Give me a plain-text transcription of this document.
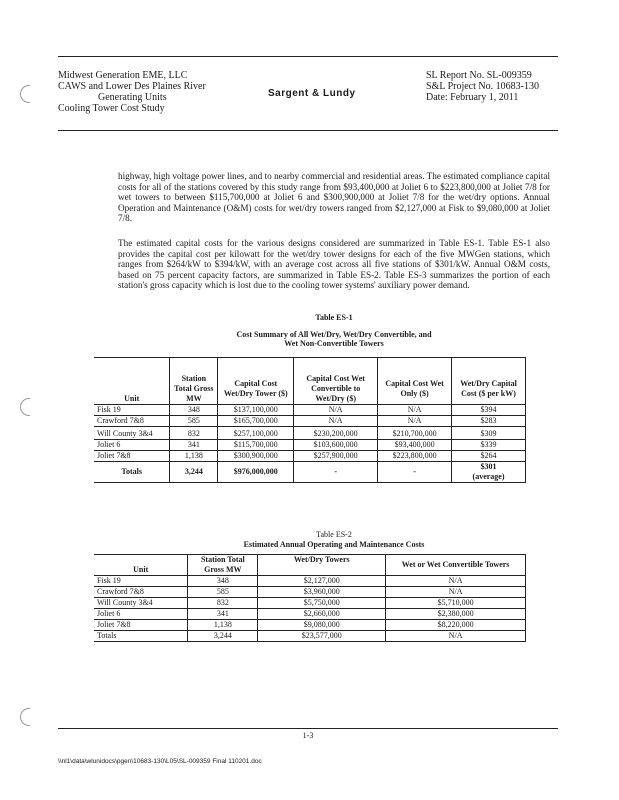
Midwest Generation EME, LLC
CAWS and Lower Des Plaines River
Generating Units
Cooling Tower Cost Study
Sargent & Lundy
SL Report No. SL-009359
S&L Project No. 10683-130
Date: February 1, 2011
highway, high voltage power lines, and to nearby commercial and residential areas. The estimated compliance capital costs for all of the stations covered by this study range from $93,400,000 at Joliet 6 to $223,800,000 at Joliet 7/8 for wet towers to between $115,700,000 at Joliet 6 and $300,900,000 at Joliet 7/8 for the wet/dry options. Annual Operation and Maintenance (O&M) costs for wet/dry towers ranged from $2,127,000 at Fisk to $9,080,000 at Joliet 7/8.
The estimated capital costs for the various designs considered are summarized in Table ES-1. Table ES-1 also provides the capital cost per kilowatt for the wet/dry tower designs for each of the five MWGen stations, which ranges from $264/kW to $394/kW, with an average cost across all five stations of $301/kW. Annual O&M costs, based on 75 percent capacity factors, are summarized in Table ES-2. Table ES-3 summarizes the portion of each station's gross capacity which is lost due to the cooling tower systems' auxiliary power demand.
Table ES-1
Cost Summary of All Wet/Dry, Wet/Dry Convertible, and
Wet Non-Convertible Towers
Unit	Station Total Gross MW	Capital Cost Wet/Dry Tower ($)	Capital Cost Wet Convertible to Wet/Dry ($)	Capital Cost Wet Only ($)	Wet/Dry Capital Cost ($ per kW)
Fisk 19	348	$137,100,000	N/A	N/A	$394
Crawford 7&8	585	$165,700,000	N/A	N/A	$283
Will County 3&4	832	$257,100,000	$230,200,000	$210,700,000	$309
Joliet 6	341	$115,700,000	$103,600,000	$93,400,000	$339
Joliet 7&8	1,138	$300,900,000	$257,900,000	$223,800,000	$264
Totals	3,244	$976,000,000	-	-	$301
(average)
Table ES-2
Estimated Annual Operating and Maintenance Costs
Unit	Station Total Gross MW	Wet/Dry Towers	Wet or Wet Convertible Towers
Fisk 19	348	$2,127,000	N/A
Crawford 7&8	585	$3,960,000	N/A
Will County 3&4	832	$5,750,000	$5,710,000
Joliet 6	341	$2,660,000	$2,380,000
Joliet 7&8	1,138	$9,080,000	$8,220,000
Totals	3,244	$23,577,000	N/A
1-3
\\nl1\data\wlunidocs\pgen\10683-130\L05\SL-009359 Final 110201.doc
